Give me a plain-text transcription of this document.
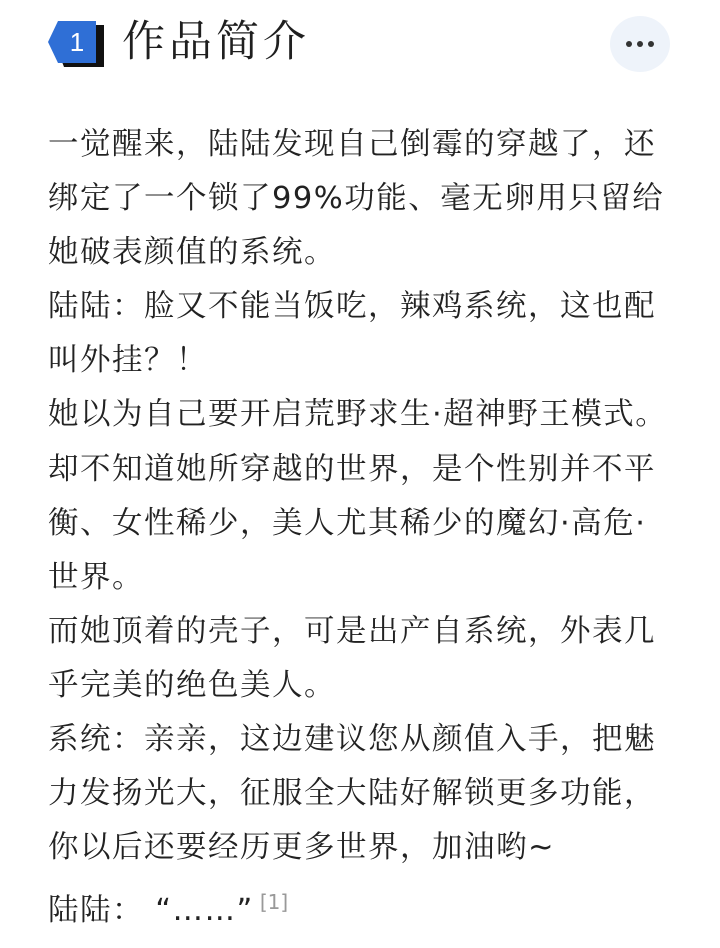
1 作品简介
一觉醒来，陆陆发现自己倒霉的穿越了，还
绑定了一个锁了99%功能、毫无卵用只留给
她破表颜值的系统。
陆陆：脸又不能当饭吃，辣鸡系统，这也配
叫外挂？！
她以为自己要开启荒野求生·超神野王模式。
却不知道她所穿越的世界，是个性别并不平
衡、女性稀少，美人尤其稀少的魔幻·高危·
世界。
而她顶着的壳子，可是出产自系统，外表几
乎完美的绝色美人。
系统：亲亲，这边建议您从颜值入手，把魅
力发扬光大，征服全大陆好解锁更多功能，
你以后还要经历更多世界，加油哟~
陆陆： “……” [1]
